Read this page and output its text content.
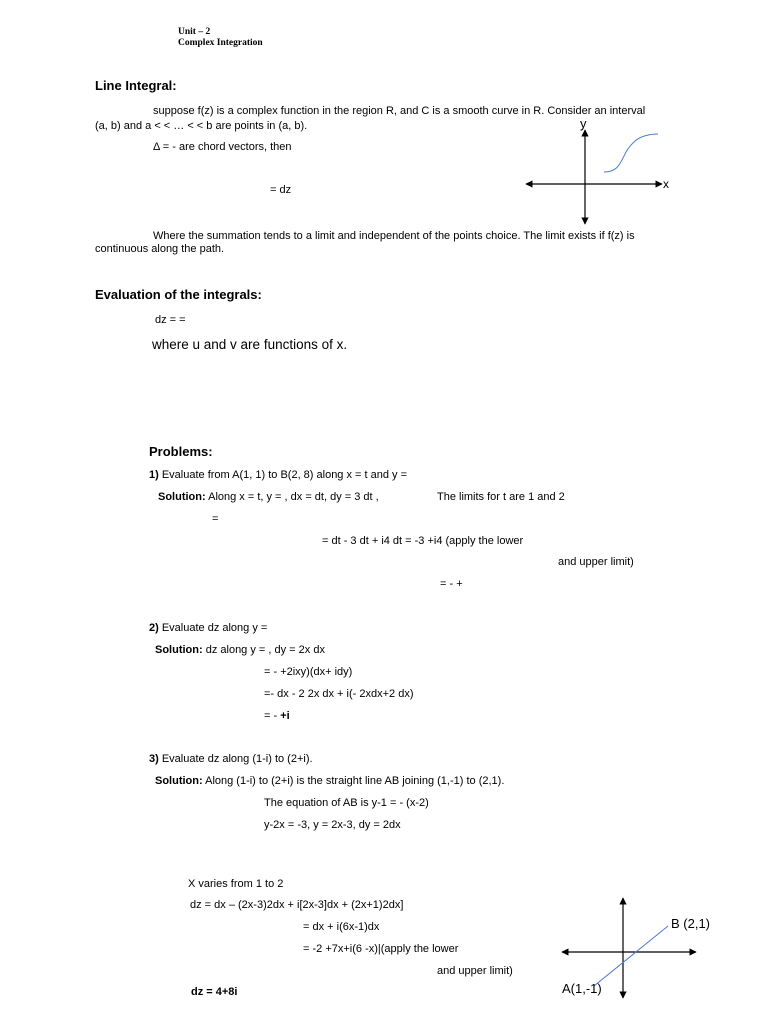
Unit – 2
Complex Integration
Line Integral:
suppose f(z) is a complex function in the region R, and C is a smooth curve in R. Consider an interval
(a, b) and a < < … < < b are points in (a, b).
Δ = - are chord vectors, then
= dz
Where the summation tends to a limit and independent of the points choice. The limit exists if f(z) is
continuous along the path.
y
x
Evaluation of the integrals:
dz = =
where u and v are functions of x.
Problems:
1) Evaluate from A(1, 1) to B(2, 8) along x = t and y =
Solution: Along x = t, y = , dx = dt, dy = 3 dt ,	The limits for t are 1 and 2
=
= dt - 3 dt + i4 dt = -3 +i4 (apply the lower
and upper limit)
= - +
2) Evaluate dz along y =
Solution: dz along y = , dy = 2x dx
= - +2ixy)(dx+ idy)
=- dx - 2 2x dx + i(- 2xdx+2 dx)
= - +i
3) Evaluate dz along (1-i) to (2+i).
Solution: Along (1-i) to (2+i) is the straight line AB joining (1,-1) to (2,1).
The equation of AB is y-1 = - (x-2)
y-2x = -3, y = 2x-3, dy = 2dx
X varies from 1 to 2
dz = dx – (2x-3)2dx + i[2x-3]dx + (2x+1)2dx]
= dx + i(6x-1)dx
= -2 +7x+i(6 -x)|(apply the lower
and upper limit)
dz = 4+8i
B (2,1)
A(1,-1)
